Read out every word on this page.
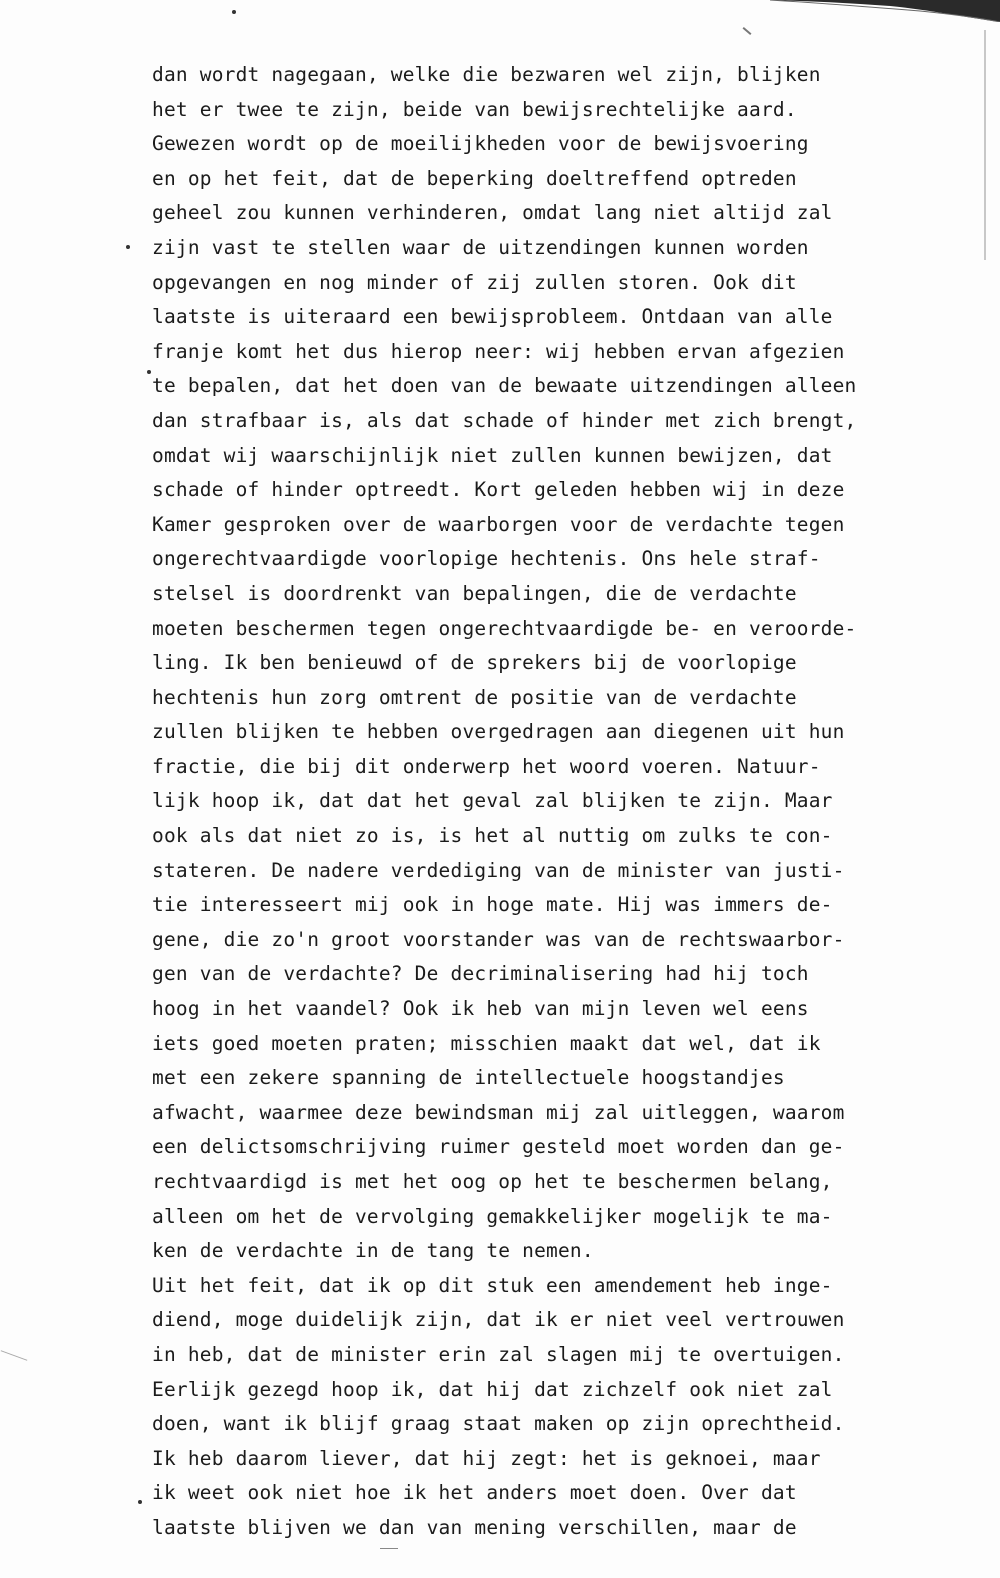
dan wordt nagegaan, welke die bezwaren wel zijn, blijken
het er twee te zijn, beide van bewijsrechtelijke aard.
Gewezen wordt op de moeilijkheden voor de bewijsvoering
en op het feit, dat de beperking doeltreffend optreden
geheel zou kunnen verhinderen, omdat lang niet altijd zal
zijn vast te stellen waar de uitzendingen kunnen worden
opgevangen en nog minder of zij zullen storen. Ook dit
laatste is uiteraard een bewijsprobleem. Ontdaan van alle
franje komt het dus hierop neer: wij hebben ervan afgezien
te bepalen, dat het doen van de bewaate uitzendingen alleen
dan strafbaar is, als dat schade of hinder met zich brengt,
omdat wij waarschijnlijk niet zullen kunnen bewijzen, dat
schade of hinder optreedt. Kort geleden hebben wij in deze
Kamer gesproken over de waarborgen voor de verdachte tegen
ongerechtvaardigde voorlopige hechtenis. Ons hele straf-
stelsel is doordrenkt van bepalingen, die de verdachte
moeten beschermen tegen ongerechtvaardigde be- en veroorde-
ling. Ik ben benieuwd of de sprekers bij de voorlopige
hechtenis hun zorg omtrent de positie van de verdachte
zullen blijken te hebben overgedragen aan diegenen uit hun
fractie, die bij dit onderwerp het woord voeren. Natuur-
lijk hoop ik, dat dat het geval zal blijken te zijn. Maar
ook als dat niet zo is, is het al nuttig om zulks te con-
stateren. De nadere verdediging van de minister van justi-
tie interesseert mij ook in hoge mate. Hij was immers de-
gene, die zo'n groot voorstander was van de rechtswaarbor-
gen van de verdachte? De decriminalisering had hij toch
hoog in het vaandel? Ook ik heb van mijn leven wel eens
iets goed moeten praten; misschien maakt dat wel, dat ik
met een zekere spanning de intellectuele hoogstandjes
afwacht, waarmee deze bewindsman mij zal uitleggen, waarom
een delictsomschrijving ruimer gesteld moet worden dan ge-
rechtvaardigd is met het oog op het te beschermen belang,
alleen om het de vervolging gemakkelijker mogelijk te ma-
ken de verdachte in de tang te nemen.
Uit het feit, dat ik op dit stuk een amendement heb inge-
diend, moge duidelijk zijn, dat ik er niet veel vertrouwen
in heb, dat de minister erin zal slagen mij te overtuigen.
Eerlijk gezegd hoop ik, dat hij dat zichzelf ook niet zal
doen, want ik blijf graag staat maken op zijn oprechtheid.
Ik heb daarom liever, dat hij zegt: het is geknoei, maar
ik weet ook niet hoe ik het anders moet doen. Over dat
laatste blijven we dan van mening verschillen, maar de
